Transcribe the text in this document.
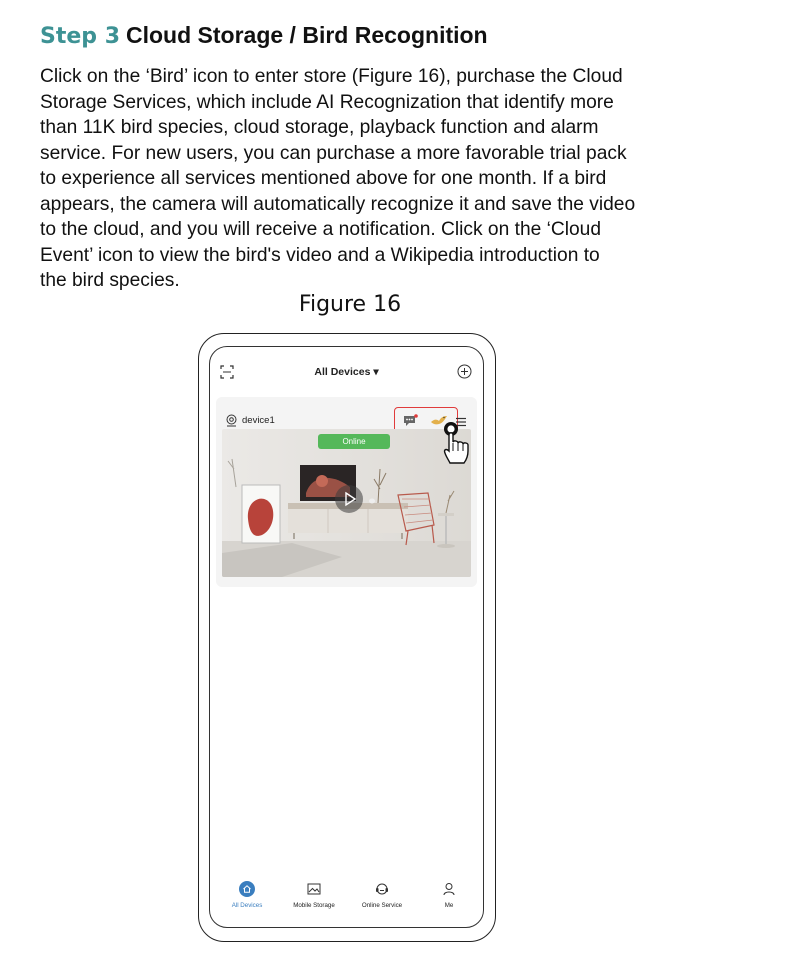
Step 3 Cloud Storage / Bird Recognition
Click on the ‘Bird’ icon to enter store (Figure 16), purchase the Cloud
Storage Services, which include AI Recognization that identify more
than 11K bird species, cloud storage, playback function and alarm
service. For new users, you can purchase a more favorable trial pack
to experience all services mentioned above for one month. If a bird
appears, the camera will automatically recognize it and save the video
to the cloud, and you will receive a notification. Click on the ‘Cloud
Event’ icon to view the bird's video and a Wikipedia introduction to
the bird species.
Figure 16
All Devices ▾
device1
Online
All Devices	Mobile Storage	Online Service	Me
